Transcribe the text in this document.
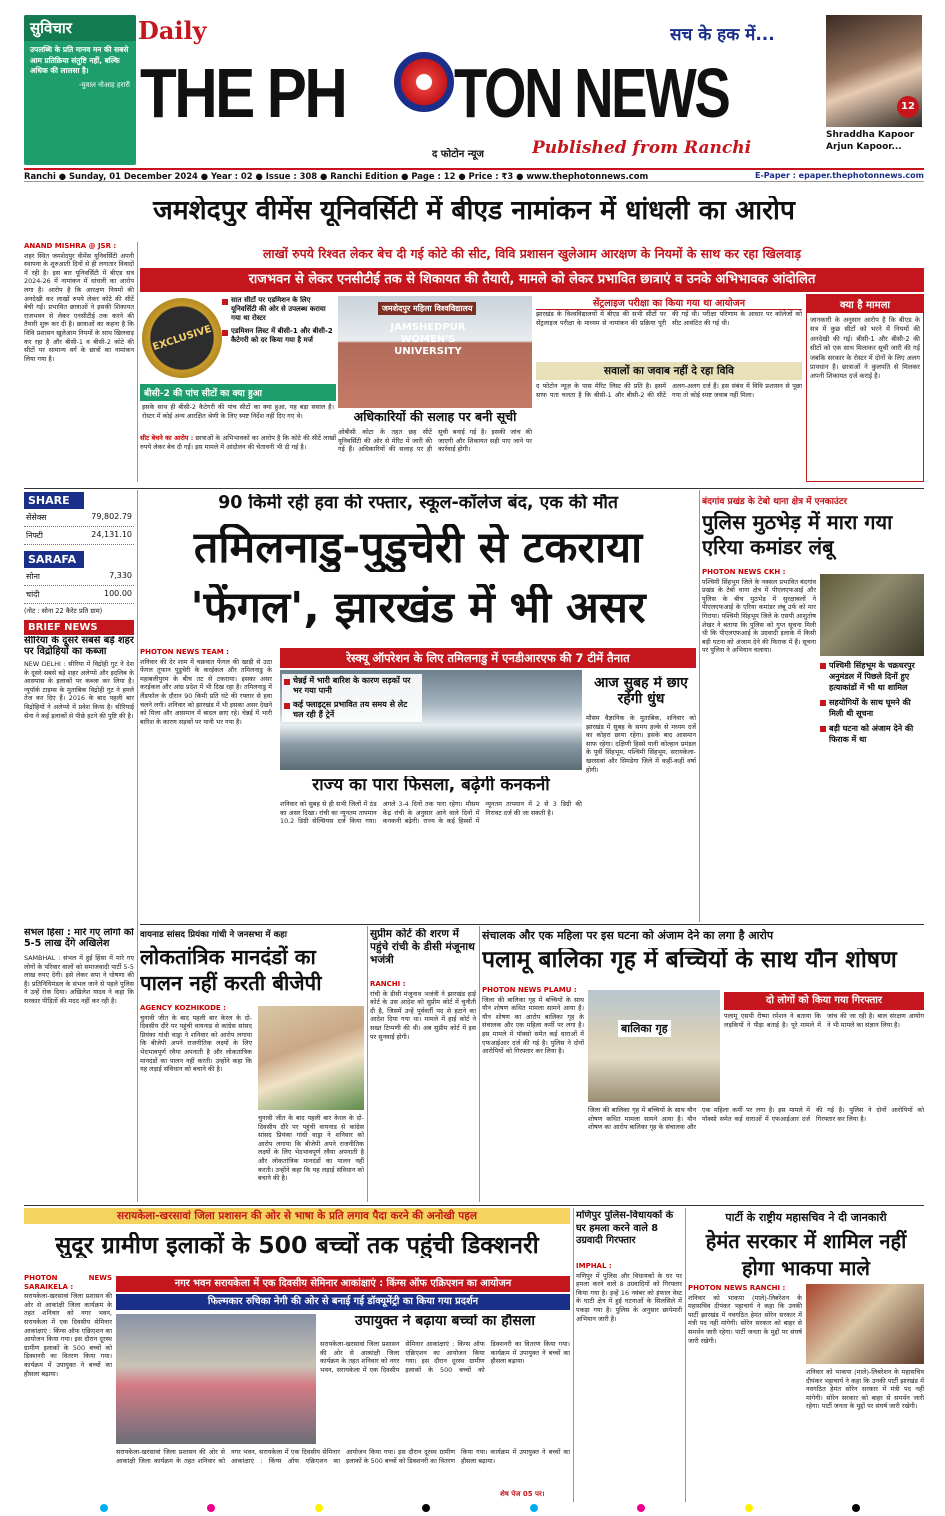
सुविचार
उपलब्धि के प्रति मानव मन की सबसे आम प्रतिक्रिया संतुष्टि नहीं, बल्कि अधिक की लालसा है।
-युवाल नोआह हरारी
Daily	सच के हक में...
THE PH TON NEWS
द फोटोन न्यूज	Published from Ranchi
12
Shraddha Kapoor Arjun Kapoor...
Ranchi ● Sunday, 01 December 2024 ● Year : 02 ● Issue : 308 ● Ranchi Edition ● Page : 12 ● Price : ₹3 ● www.thephotonnews.com	E-Paper : epaper.thephotonnews.com
जमशेदपुर वीमेंस यूनिवर्सिटी में बीएड नामांकन में धांधली का आरोप
लाखों रुपये रिश्वत लेकर बेच दी गई कोटे की सीट, विवि प्रशासन खुलेआम आरक्षण के नियमों के साथ कर रहा खिलवाड़
राजभवन से लेकर एनसीटीई तक से शिकायत की तैयारी, मामले को लेकर प्रभावित छात्राएं व उनके अभिभावक आंदोलित
ANAND MISHRA @ JSR :
शहर स्थित जमशेदपुर वीमेंस यूनिवर्सिटी अपनी स्थापना के शुरुआती दिनों से ही लगातार विवादों में रही है। इस बार यूनिवर्सिटी में बीएड सत्र 2024-26 में नामांकन में धांधली का आरोप लगा है। आरोप है कि आरक्षण नियमों की अनदेखी कर लाखों रुपये लेकर कोटे की सीटें बेची गईं। प्रभावित छात्राओं ने इसकी शिकायत राजभवन से लेकर एनसीटीई तक करने की तैयारी शुरू कर दी है। छात्राओं का कहना है कि विवि प्रशासन खुलेआम नियमों के साथ खिलवाड़ कर रहा है और बीसी-1 व बीसी-2 कोटे की सीटों पर सामान्य वर्ग के छात्रों का नामांकन लिया गया है।
EXCLUSIVE
सात सीटों पर एडमिशन के लिए यूनिवर्सिटी की ओर से उपलब्ध कराया गया था रोस्टर
एडमिशन लिस्ट में बीसी-1 और बीसी-2 कैटेगरी को दर किया गया है मर्ज
बीसी-2 की पांच सीटों का क्या हुआ
इसके साथ ही बीसी-2 कैटेगरी की पांच सीटों का क्या हुआ, यह बड़ा सवाल है। रोस्टर में कोई अन्य आरक्षित श्रेणी के लिए स्पष्ट निर्देश नहीं दिए गए थे।
सीट बेचने का आरोप : छात्राओं के अभिभावकों का आरोप है कि कोटे की सीटें लाखों रुपये लेकर बेच दी गईं। इस मामले में आंदोलन की चेतावनी भी दी गई है।
जमशेदपुर महिला विश्वविद्यालय
JAMSHEDPUR WOMEN'S UNIVERSITY
अधिकारियों की सलाह पर बनी सूची
ओबीसी कोटा के तहत छह सीटें यूनिवर्सिटी की ओर से मेरिट में जारी की गई हैं। अधिकारियों की सलाह पर ही सूची बनाई गई है। इसकी जांच की जाएगी और शिकायत सही पाए जाने पर कार्रवाई होगी।
सेंट्रलाइज परीक्षा का किया गया था आयोजन
झारखंड के विश्वविद्यालयों में बीएड की सभी सीटों पर सेंट्रलाइज परीक्षा के माध्यम से नामांकन की प्रक्रिया पूरी की गई थी। परीक्षा परिणाम के आधार पर कॉलेजों को सीट आवंटित की गई थी।
सवालों का जवाब नहीं दे रहा विवि
द फोटोन न्यूज़ के पास मेरिट लिस्ट की प्रति है। इसमें साफ पता चलता है कि बीसी-1 और बीसी-2 की सीटें अलग-अलग दर्ज हैं। इस संबंध में विवि प्रशासन से पूछा गया तो कोई स्पष्ट जवाब नहीं मिला।
क्या है मामला
जानकारी के अनुसार आरोप है कि बीएड के सत्र में कुछ सीटों को भरने में नियमों की अनदेखी की गई। बीसी-1 और बीसी-2 की सीटों को एक साथ मिलाकर सूची जारी की गई जबकि सरकार के रोस्टर में दोनों के लिए अलग प्रावधान है। छात्राओं ने कुलपति से मिलकर अपनी शिकायत दर्ज कराई है।
SHARE
सेंसेक्स	79,802.79
निफ्टी	24,131.10
SARAFA
सोना	7,330
चांदी	100.00
(नोट : सोना 22 कैरेट प्रति ग्राम)
BRIEF NEWS
सीरिया के दूसरे सबसे बड़े शहर पर विद्रोहियों का कब्जा
NEW DELHI : सीरिया में विद्रोही गुट ने देश के दूसरे सबसे बड़े शहर अलेप्पो और इदलिब के आसपास के इलाकों पर कब्जा कर लिया है। न्यूयॉर्क टाइम्स के मुताबिक विद्रोही गुट ने हमले तेज कर दिए हैं। 2016 के बाद पहली बार विद्रोहियों ने अलेप्पो में प्रवेश किया है। सीरियाई सेना ने कई इलाकों से पीछे हटने की पुष्टि की है।
संभल हिंसा : मारे गए लोगों को 5-5 लाख देंगे अखिलेश
SAMBHAL : संभल में हुई हिंसा में मारे गए लोगों के परिवार वालों को समाजवादी पार्टी 5-5 लाख रुपए देगी। इसे लेकर सपा ने घोषणा की है। प्रतिनिधिमंडल के संभल जाने से पहले पुलिस ने उन्हें रोक दिया। अखिलेश यादव ने कहा कि सरकार पीड़ितों की मदद नहीं कर रही है।
90 किमी रही हवा की रफ्तार, स्कूल-कॉलेज बंद, एक की मौत
तमिलनाडु-पुडुचेरी से टकराया
'फेंगल', झारखंड में भी असर
रेस्क्यू ऑपरेशन के लिए तमिलनाडु में एनडीआरएफ की 7 टीमें तैनात
PHOTON NEWS TEAM :
शनिवार की देर शाम में चक्रवात फेंगल की खाड़ी से उठा फेंगल तूफान पुडुचेरी के करईकल और तमिलनाडु के महाबलीपुरम के बीच तट से टकराया। इसका असर करईकल और आंध्र प्रदेश में भी दिख रहा है। तमिलनाडु में लैंडफॉल के दौरान 90 किमी प्रति घंटे की रफ्तार से हवा चलने लगी। शनिवार को झारखंड में भी इसका असर देखने को मिला और आसमान में बादल छाए रहे। चेन्नई में भारी बारिश के कारण सड़कों पर पानी भर गया है।
चेन्नई में भारी बारिश के कारण सड़कों पर भर गया पानी
कई फ्लाइट्स प्रभावित तय समय से लेट चल रही हैं ट्रेनें
आज सुबह में छाए रहेंगी धुंध
मौसम वैज्ञानिक के मुताबिक, शनिवार को झारखंड में सुबह के समय हल्के से मध्यम दर्जे का कोहरा छाया रहेगा। इसके बाद आसमान साफ रहेगा। दक्षिणी हिस्से यानी कोल्हान प्रमंडल के पूर्वी सिंहभूम, पश्चिमी सिंहभूम, सरायकेला-खरसावां और सिमडेगा जिले में कहीं-कहीं वर्षा होगी।
राज्य का पारा फिसला, बढ़ेगी कनकनी
शनिवार को सुबह से ही सभी जिलों में ठंड का असर दिखा। रांची का न्यूनतम तापमान 10.2 डिग्री सेल्सियस दर्ज किया गया। अगले 3-4 दिनों तक पारा रहेगा। मौसम केंद्र रांची के अनुसार आने वाले दिनों में कनकनी बढ़ेगी। राज्य के कई हिस्सों में न्यूनतम तापमान में 2 से 3 डिग्री की गिरावट दर्ज की जा सकती है।
बंदगांव प्रखंड के टेबो थाना क्षेत्र में एनकाउंटर
पुलिस मुठभेड़ में मारा गया एरिया कमांडर लंबू
PHOTON NEWS CKH :
पश्चिमी सिंहभूम जिले के नक्सल प्रभावित बंदगांव प्रखंड के टेबो थाना क्षेत्र में पीएलएफआई और पुलिस के बीच मुठभेड़ में सुरक्षाबलों ने पीएलएफआई के एरिया कमांडर लंबू उर्फ को मार गिराया। पश्चिमी सिंहभूम जिले के एसपी आशुतोष शेखर ने बताया कि पुलिस को गुप्त सूचना मिली थी कि पीएलएफआई के उग्रवादी इलाके में किसी बड़ी घटना को अंजाम देने की फिराक में हैं। सूचना पर पुलिस ने अभियान चलाया।
पश्चिमी सिंहभूम के चक्रधरपुर अनुमंडल में पिछले दिनों हुए हत्याकांडों में भी था शामिल
सहयोगियों के साथ घूमने की मिली थी सूचना
बड़ी घटना को अंजाम देने की फिराक में था
वायनाड सांसद प्रियंका गांधी ने जनसभा में कहा
लोकतांत्रिक मानदंडों का पालन नहीं करती बीजेपी
AGENCY KOZHIKODE :
चुनावी जीत के बाद पहली बार केरल के दो-दिवसीय दौरे पर पहुंची वायनाड से कांग्रेस सांसद प्रियंका गांधी वाड्रा ने शनिवार को आरोप लगाया कि बीजेपी अपने राजनीतिक लक्ष्यों के लिए भेदभावपूर्ण रवैया अपनाती है और लोकतांत्रिक मानदंडों का पालन नहीं करती। उन्होंने कहा कि यह लड़ाई संविधान को बचाने की है।
चुनावी जीत के बाद पहली बार केरल के दो-दिवसीय दौरे पर पहुंची वायनाड से कांग्रेस सांसद प्रियंका गांधी वाड्रा ने शनिवार को आरोप लगाया कि बीजेपी अपने राजनीतिक लक्ष्यों के लिए भेदभावपूर्ण रवैया अपनाती है और लोकतांत्रिक मानदंडों का पालन नहीं करती। उन्होंने कहा कि यह लड़ाई संविधान को बचाने की है।
सुप्रीम कोर्ट की शरण में पहुंचे रांची के डीसी मंजूनाथ भजंत्री
RANCHI :
रांची के डीसी मंजूनाथ भजंत्री ने झारखंड हाई कोर्ट के उस आदेश को सुप्रीम कोर्ट में चुनौती दी है, जिसमें उन्हें पूर्ववर्ती पद से हटाने का आदेश दिया गया था। मामले में हाई कोर्ट ने सख्त टिप्पणी की थी। अब सुप्रीम कोर्ट में इस पर सुनवाई होगी।
संचालक और एक महिला पर इस घटना को अंजाम देने का लगा है आरोप
पलामू बालिका गृह में बच्चियों के साथ यौन शोषण
PHOTON NEWS PLAMU :
जिला की बालिका गृह में बच्चियों के साथ यौन शोषण कथित मामला सामने आया है। यौन शोषण का आरोप बालिका गृह के संचालक और एक महिला कर्मी पर लगा है। इस मामले में पॉक्सो समेत कई धाराओं में एफआईआर दर्ज की गई है। पुलिस ने दोनों आरोपियों को गिरफ्तार कर लिया है।
बालिका गृह
दो लोगों को किया गया गिरफ्तार
पलामू एसपी रीष्मा रमेशन ने बताया कि लड़कियों ने पीड़ा बताई है। पूरे मामले में जांच की जा रही है। बाल संरक्षण आयोग ने भी मामले का संज्ञान लिया है।
जिला की बालिका गृह में बच्चियों के साथ यौन शोषण कथित मामला सामने आया है। यौन शोषण का आरोप बालिका गृह के संचालक और एक महिला कर्मी पर लगा है। इस मामले में पॉक्सो समेत कई धाराओं में एफआईआर दर्ज की गई है। पुलिस ने दोनों आरोपियों को गिरफ्तार कर लिया है।
सरायकेला-खरसावां जिला प्रशासन की ओर से भाषा के प्रति लगाव पैदा करने की अनोखी पहल
सुदूर ग्रामीण इलाकों के 500 बच्चों तक पहुंची डिक्शनरी
PHOTON NEWS SARAIKELA :
सरायकेला-खरसावां जिला प्रशासन की ओर से आकांक्षी जिला कार्यक्रम के तहत शनिवार को नगर भवन, सरायकेला में एक दिवसीय सेमिनार आकांक्षाएं : किंग्स ऑफ एक्रिएशन का आयोजन किया गया। इस दौरान दूरस्थ ग्रामीण इलाकों के 500 बच्चों को डिक्शनरी का वितरण किया गया। कार्यक्रम में उपायुक्त ने बच्चों का हौसला बढ़ाया।
नगर भवन सरायकेला में एक दिवसीय सेमिनार आकांक्षाएं : किंग्स ऑफ एक्रिएशन का आयोजन
फिल्मकार रुचिका नेगी की ओर से बनाई गई डॉक्यूमेंट्री का किया गया प्रदर्शन
उपायुक्त ने बढ़ाया बच्चों का हौसला
सरायकेला-खरसावां जिला प्रशासन की ओर से आकांक्षी जिला कार्यक्रम के तहत शनिवार को नगर भवन, सरायकेला में एक दिवसीय सेमिनार आकांक्षाएं : किंग्स ऑफ एक्रिएशन का आयोजन किया गया। इस दौरान दूरस्थ ग्रामीण इलाकों के 500 बच्चों को डिक्शनरी का वितरण किया गया। कार्यक्रम में उपायुक्त ने बच्चों का हौसला बढ़ाया।
सरायकेला-खरसावां जिला प्रशासन की ओर से आकांक्षी जिला कार्यक्रम के तहत शनिवार को नगर भवन, सरायकेला में एक दिवसीय सेमिनार आकांक्षाएं : किंग्स ऑफ एक्रिएशन का आयोजन किया गया। इस दौरान दूरस्थ ग्रामीण इलाकों के 500 बच्चों को डिक्शनरी का वितरण किया गया। कार्यक्रम में उपायुक्त ने बच्चों का हौसला बढ़ाया।
शेष पेज 05 पर।
मणिपुर पुलिस-विधायकों के घर हमला करने वाले 8 उग्रवादी गिरफ्तार
IMPHAL :
मणिपुर में पुलिस और विधायकों के घर पर हमला करने वाले 8 उग्रवादियों को गिरफ्तार किया गया है। इन्हें 16 नवंबर को इंफाल वेस्ट के घाटी क्षेत्र में हुई घटनाओं के सिलसिले में पकड़ा गया है। पुलिस के अनुसार छापेमारी अभियान जारी है।
पार्टी के राष्ट्रीय महासचिव ने दी जानकारी
हेमंत सरकार में शामिल नहीं होगा भाकपा माले
PHOTON NEWS RANCHI :
शनिवार को भाकपा (माले)-लिबरेशन के महासचिव दीपंकर भट्टाचार्य ने कहा कि उनकी पार्टी झारखंड में नवगठित हेमंत सोरेन सरकार में मंत्री पद नहीं मांगेगी। सोरेन सरकार को बाहर से समर्थन जारी रहेगा। पार्टी जनता के मुद्दों पर संघर्ष जारी रखेगी।
शनिवार को भाकपा (माले)-लिबरेशन के महासचिव दीपंकर भट्टाचार्य ने कहा कि उनकी पार्टी झारखंड में नवगठित हेमंत सोरेन सरकार में मंत्री पद नहीं मांगेगी। सोरेन सरकार को बाहर से समर्थन जारी रहेगा। पार्टी जनता के मुद्दों पर संघर्ष जारी रखेगी।
